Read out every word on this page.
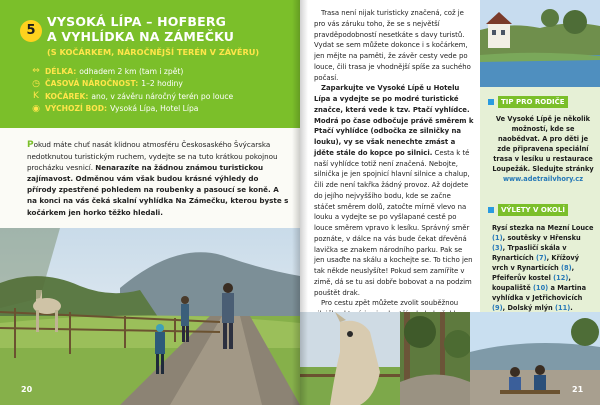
5
VYSOKÁ LÍPA – HOFBERG
A VYHLÍDKA NA ZÁMEČKU
(S KOČÁRKEM, NÁROČNĚJŠÍ TERÉN V ZÁVĚRU)
⇔ DÉLKA: odhadem 2 km (tam i zpět)
◷ ČASOVÁ NÁROČNOST: 1–2 hodiny
K KOČÁREK: ano, v závěru náročný terén po louce
◉ VÝCHOZÍ BOD: Vysoká Lípa, Hotel Lípa
Pokud máte chuť nasát klidnou atmosféru Českosaského Švýcarska nedotknutou turistickým ruchem, vydejte se na tuto krátkou pokojnou procházku vesnicí. Nenarazíte na žádnou známou turistickou zajímavost. Odměnou vám však budou krásné výhledy do přírody zpestřené pohledem na roubenky a pasoucí se koně. A na konci na vás čeká skalní vyhlídka Na Zámečku, kterou byste s kočárkem jen horko těžko hledali.
20

Trasa není nijak turisticky značená, což je pro vás záruku toho, že se s největší pravděpodobností nesetkáte s davy turistů. Vydat se sem můžete dokonce i s kočárkem, jen mějte na paměti, že závěr cesty vede po louce, čili trasa je vhodnější spíše za suchého počasí.

Zaparkujte ve Vysoké Lípě u Hotelu Lípa a vydejte se po modré turistické značce, která vede k tzv. Ptačí vyhlídce. Modrá po čase odbočuje právě směrem k Ptačí vyhlídce (odbočka ze silničky na louku), vy se však nenechte zmást a jděte stále do kopce po silnici. Cesta k té naší vyhlídce totiž není značená. Nebojte, silnička je jen spojnicí hlavní silnice a chalup, čili zde není takřka žádný provoz. Až dojdete do jejího nejvyššího bodu, kde se začne stáčet směrem dolů, zatočte mírně vlevo na louku a vydejte se po vyšlapané cestě po louce směrem vpravo k lesíku. Správný směr poznáte, v dálce na vás bude čekat dřevěná lavička se znakem národního parku. Pak se jen usaďte na skálu a kochejte se. To ticho jen tak někde neuslyšíte! Pokud sem zamíříte v zimě, dá se tu asi dobře bobovat a na podzim pouštět drak.

Pro cestu zpět můžete zvolit souběžnou

TIP PRO RODIČE
Ve Vysoké Lípě je několik možností, kde se naobědvat. A pro děti je zde připravena speciální trasa v lesíku u restaurace Loupežák. Sledujte stránky www.adetrailvhory.cz
VÝLETY V OKOLÍ
Rysí stezka na Mezní Louce (1), soutěsky v Hřensku (3), Trpasličí skála v Rynarticích (7), Křížový vrch v Rynarticích (8), Pfeiferův kostel (12), koupaliště (10) a Martina vyhlídka v Jetřichovicích (9), Dolský mlýn (11).
21
